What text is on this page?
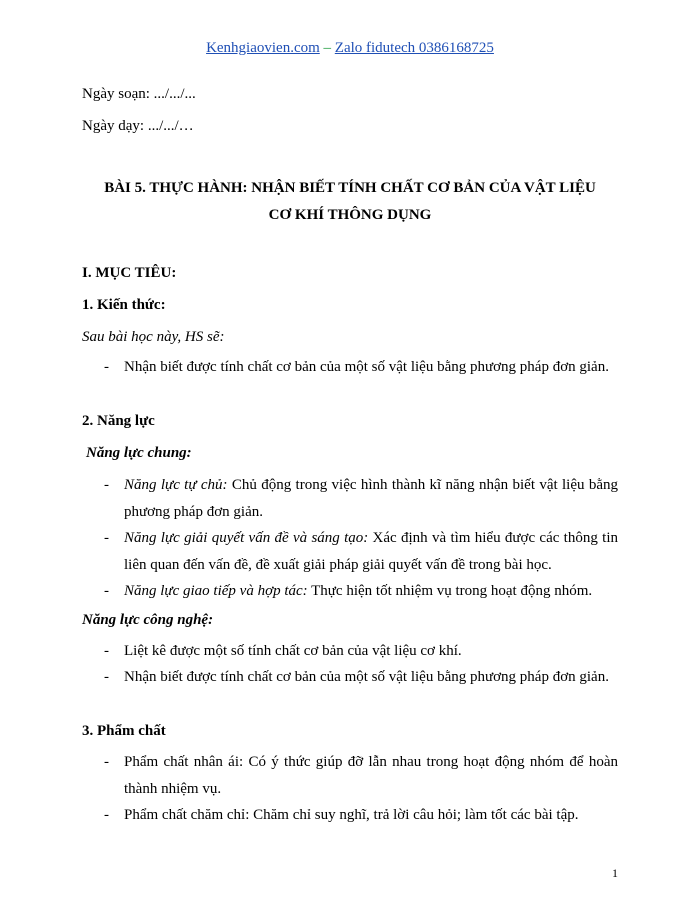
Kenhgiaovien.com – Zalo fidutech 0386168725
Ngày soạn: .../.../...
Ngày dạy: .../.../…
BÀI 5. THỰC HÀNH: NHẬN BIẾT TÍNH CHẤT CƠ BẢN CỦA VẬT LIỆU
CƠ KHÍ THÔNG DỤNG
I. MỤC TIÊU:
1. Kiến thức:
Sau bài học này, HS sẽ:
- Nhận biết được tính chất cơ bản của một số vật liệu bằng phương pháp đơn giản.
2. Năng lực
Năng lực chung:
- Năng lực tự chủ: Chủ động trong việc hình thành kĩ năng nhận biết vật liệu bằng phương pháp đơn giản.
- Năng lực giải quyết vấn đề và sáng tạo: Xác định và tìm hiểu được các thông tin liên quan đến vấn đề, đề xuất giải pháp giải quyết vấn đề trong bài học.
- Năng lực giao tiếp và hợp tác: Thực hiện tốt nhiệm vụ trong hoạt động nhóm.
Năng lực công nghệ:
- Liệt kê được một số tính chất cơ bản của vật liệu cơ khí.
- Nhận biết được tính chất cơ bản của một số vật liệu bằng phương pháp đơn giản.
3. Phẩm chất
- Phẩm chất nhân ái: Có ý thức giúp đỡ lẫn nhau trong hoạt động nhóm để hoàn thành nhiệm vụ.
- Phẩm chất chăm chỉ: Chăm chỉ suy nghĩ, trả lời câu hỏi; làm tốt các bài tập.
1
